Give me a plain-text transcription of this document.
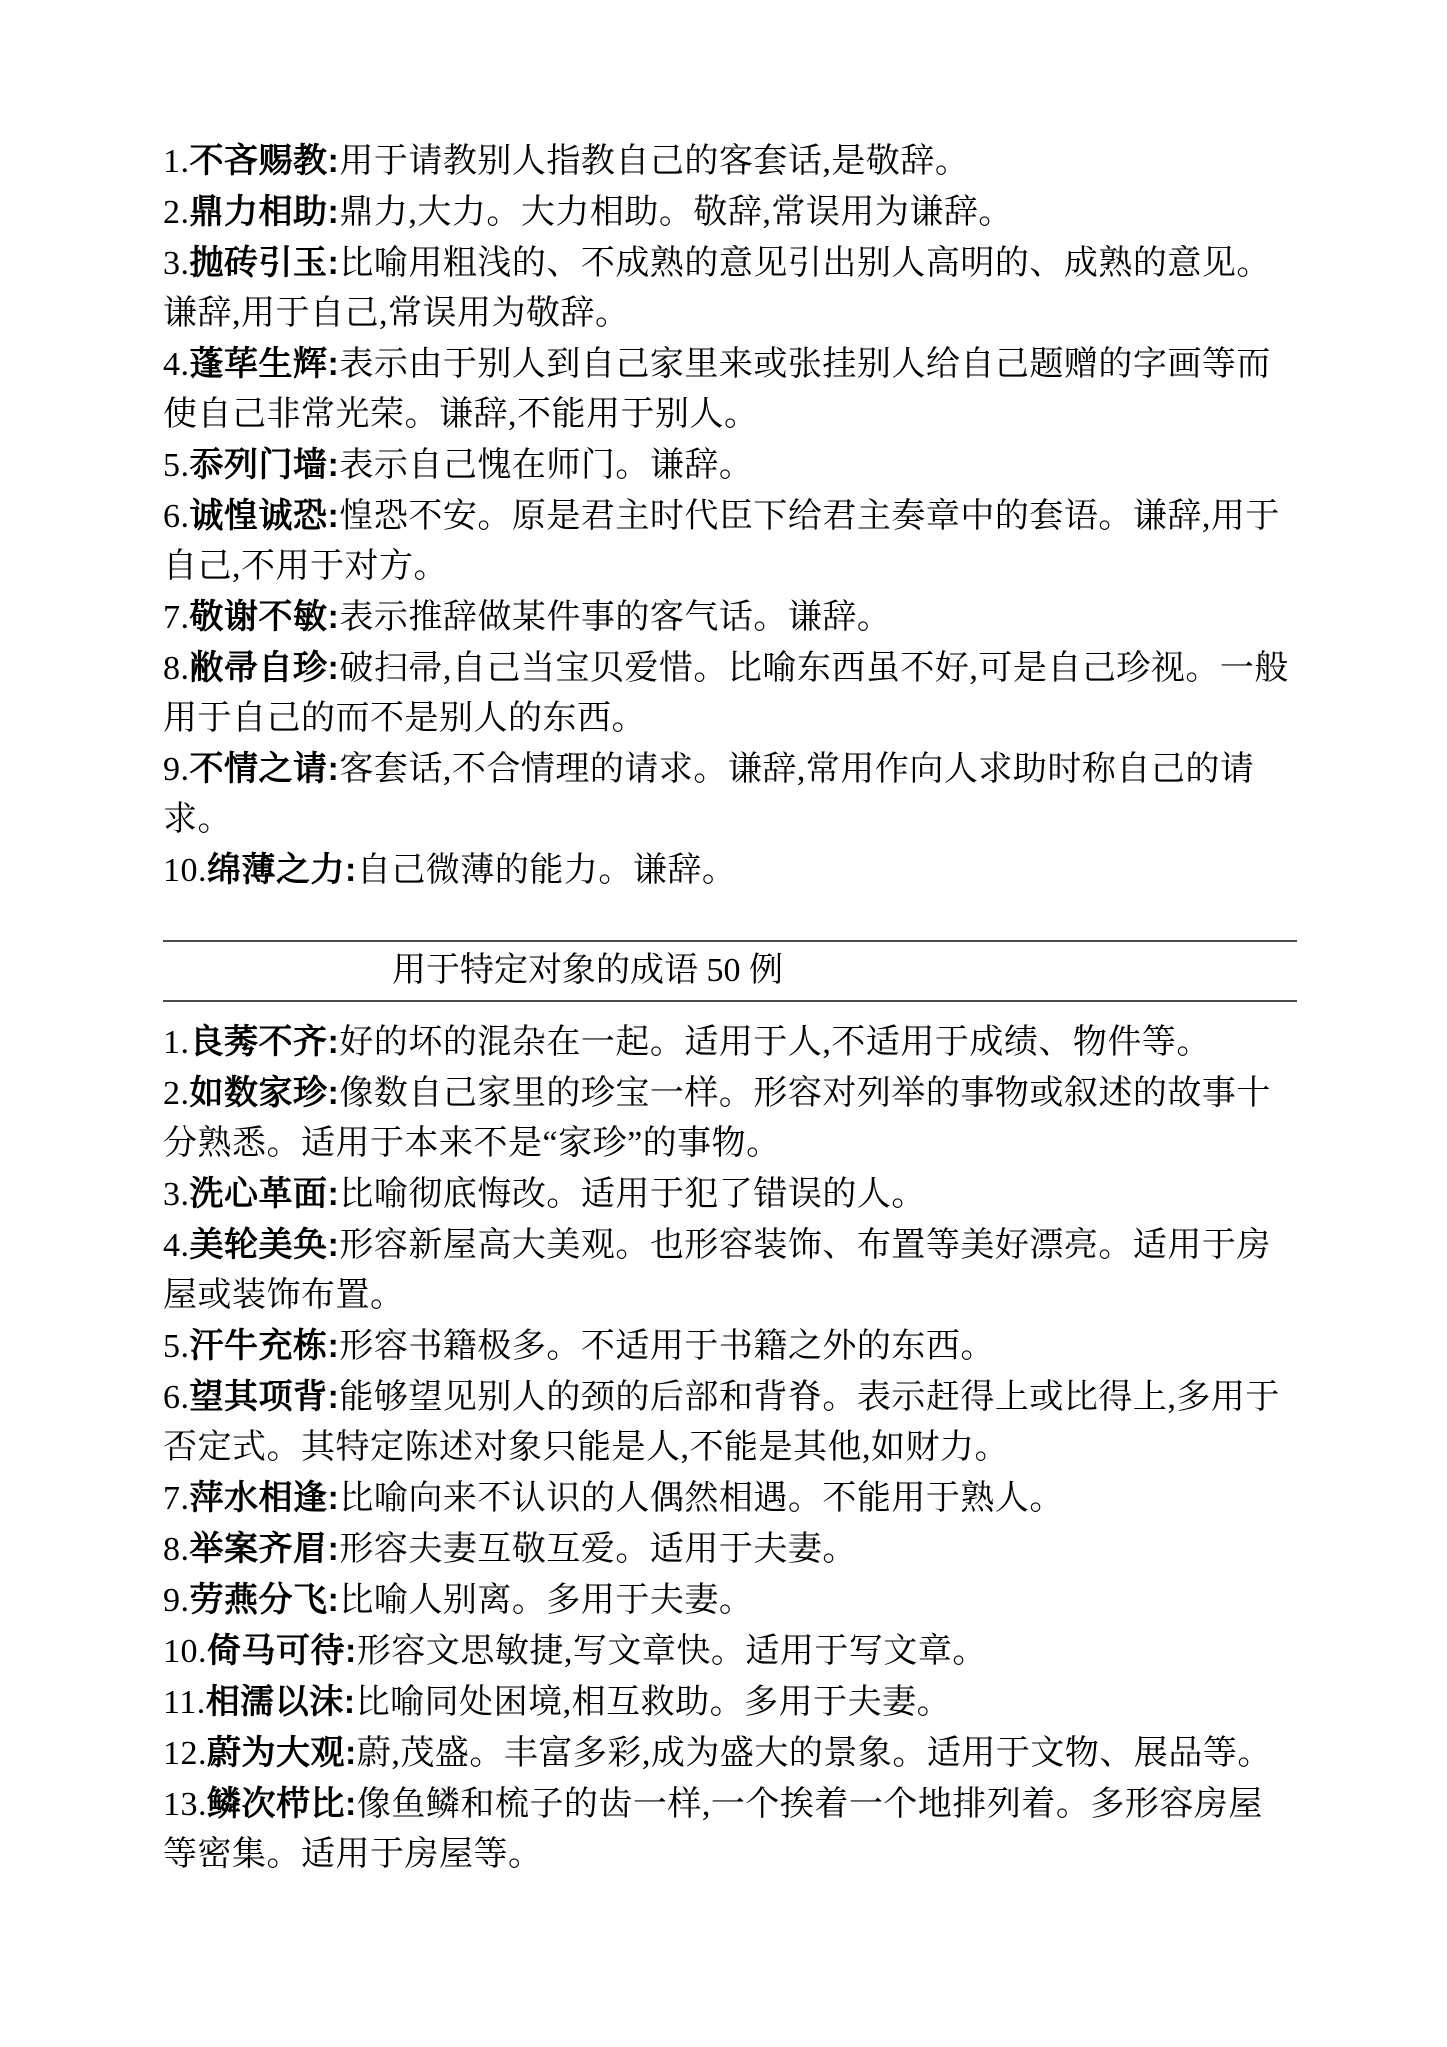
1.不吝赐教:用于请教别人指教自己的客套话,是敬辞。

2.鼎力相助:鼎力,大力。大力相助。敬辞,常误用为谦辞。

3.抛砖引玉:比喻用粗浅的、不成熟的意见引出别人高明的、成熟的意见。谦辞,用于自己,常误用为敬辞。

4.蓬荜生辉:表示由于别人到自己家里来或张挂别人给自己题赠的字画等而使自己非常光荣。谦辞,不能用于别人。

5.忝列门墙:表示自己愧在师门。谦辞。

6.诚惶诚恐:惶恐不安。原是君主时代臣下给君主奏章中的套语。谦辞,用于自己,不用于对方。

7.敬谢不敏:表示推辞做某件事的客气话。谦辞。

8.敝帚自珍:破扫帚,自己当宝贝爱惜。比喻东西虽不好,可是自己珍视。一般用于自己的而不是别人的东西。

9.不情之请:客套话,不合情理的请求。谦辞,常用作向人求助时称自己的请求。

10.绵薄之力:自己微薄的能力。谦辞。

用于特定对象的成语 50 例

1.良莠不齐:好的坏的混杂在一起。适用于人,不适用于成绩、物件等。

2.如数家珍:像数自己家里的珍宝一样。形容对列举的事物或叙述的故事十分熟悉。适用于本来不是“家珍”的事物。

3.洗心革面:比喻彻底悔改。适用于犯了错误的人。

4.美轮美奂:形容新屋高大美观。也形容装饰、布置等美好漂亮。适用于房屋或装饰布置。

5.汗牛充栋:形容书籍极多。不适用于书籍之外的东西。

6.望其项背:能够望见别人的颈的后部和背脊。表示赶得上或比得上,多用于否定式。其特定陈述对象只能是人,不能是其他,如财力。

7.萍水相逢:比喻向来不认识的人偶然相遇。不能用于熟人。

8.举案齐眉:形容夫妻互敬互爱。适用于夫妻。

9.劳燕分飞:比喻人别离。多用于夫妻。

10.倚马可待:形容文思敏捷,写文章快。适用于写文章。

11.相濡以沫:比喻同处困境,相互救助。多用于夫妻。

12.蔚为大观:蔚,茂盛。丰富多彩,成为盛大的景象。适用于文物、展品等。

13.鳞次栉比:像鱼鳞和梳子的齿一样,一个挨着一个地排列着。多形容房屋等密集。适用于房屋等。
